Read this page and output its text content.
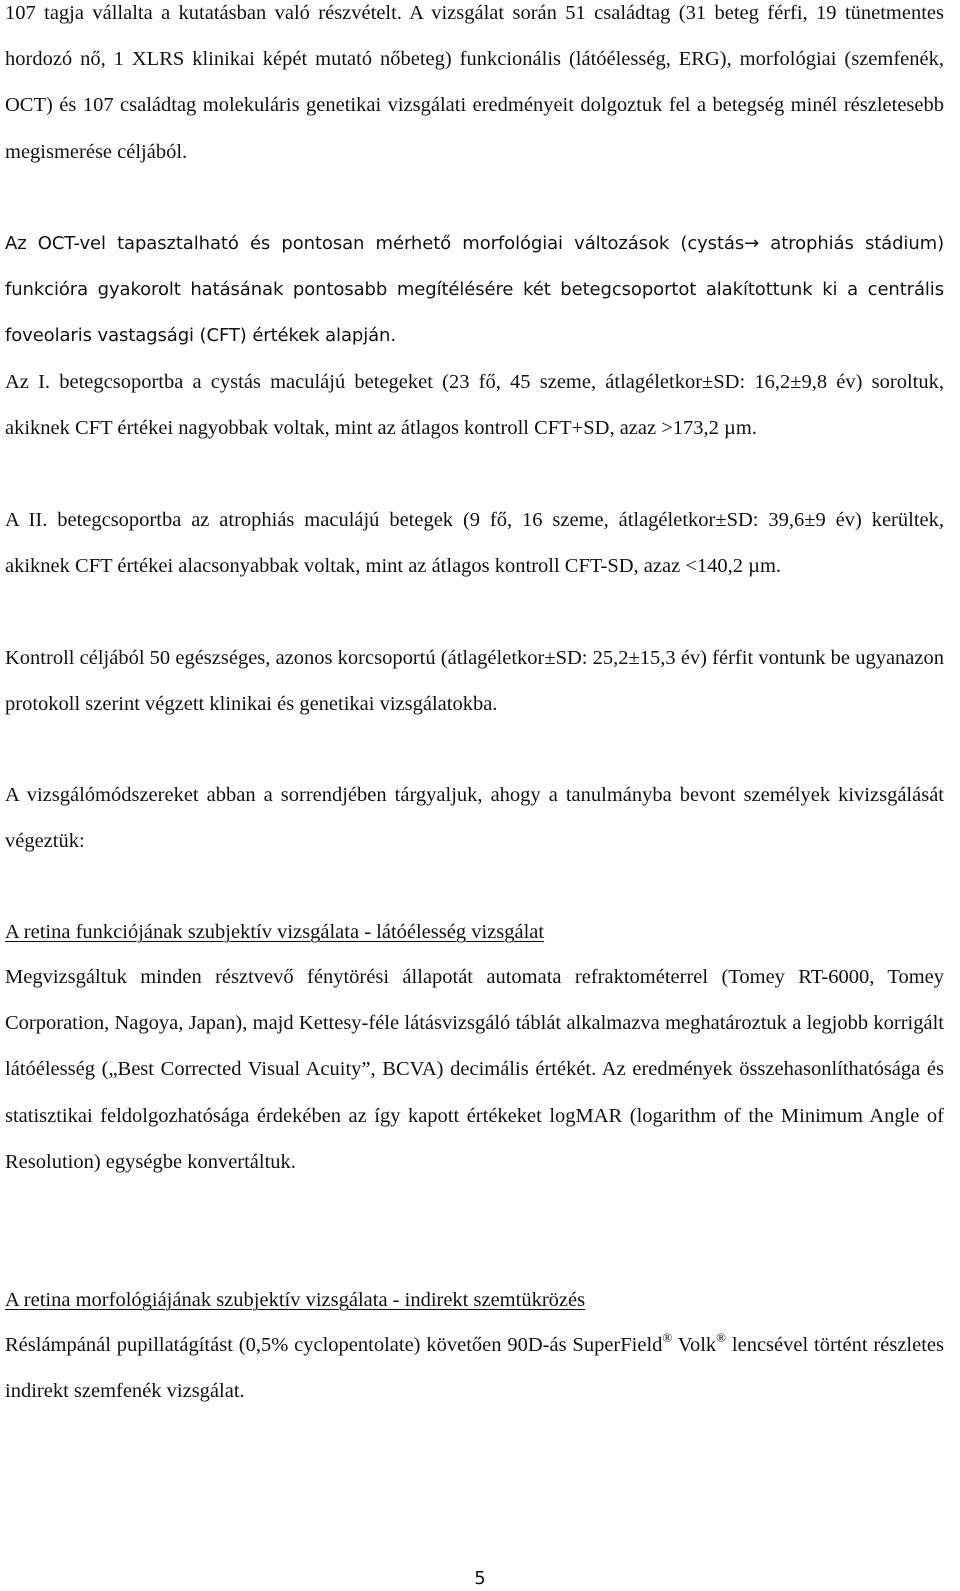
107 tagja vállalta a kutatásban való részvételt. A vizsgálat során 51 családtag (31 beteg férfi, 19 tünetmentes hordozó nő, 1 XLRS klinikai képét mutató nőbeteg) funkcionális (látóélesség, ERG), morfológiai (szemfenék, OCT) és 107 családtag molekuláris genetikai vizsgálati eredményeit dolgoztuk fel a betegség minél részletesebb megismerése céljából.

Az OCT-vel tapasztalható és pontosan mérhető morfológiai változások (cystás→ atrophiás stádium) funkcióra gyakorolt hatásának pontosabb megítélésére két betegcsoportot alakítottunk ki a centrális foveolaris vastagsági (CFT) értékek alapján.

Az I. betegcsoportba a cystás maculájú betegeket (23 fő, 45 szeme, átlagéletkor±SD: 16,2±9,8 év) soroltuk, akiknek CFT értékei nagyobbak voltak, mint az átlagos kontroll CFT+SD, azaz >173,2 µm.

A II. betegcsoportba az atrophiás maculájú betegek (9 fő, 16 szeme, átlagéletkor±SD: 39,6±9 év) kerültek, akiknek CFT értékei alacsonyabbak voltak, mint az átlagos kontroll CFT-SD, azaz <140,2 µm.

Kontroll céljából 50 egészséges, azonos korcsoportú (átlagéletkor±SD: 25,2±15,3 év) férfit vontunk be ugyanazon protokoll szerint végzett klinikai és genetikai vizsgálatokba.

A vizsgálómódszereket abban a sorrendjében tárgyaljuk, ahogy a tanulmányba bevont személyek kivizsgálását végeztük:

A retina funkciójának szubjektív vizsgálata - látóélesség vizsgálat

Megvizsgáltuk minden résztvevő fénytörési állapotát automata refraktométerrel (Tomey RT-6000, Tomey Corporation, Nagoya, Japan), majd Kettesy-féle látásvizsgáló táblát alkalmazva meghatároztuk a legjobb korrigált látóélesség („Best Corrected Visual Acuity”, BCVA) decimális értékét. Az eredmények összehasonlíthatósága és statisztikai feldolgozhatósága érdekében az így kapott értékeket logMAR (logarithm of the Minimum Angle of Resolution) egységbe konvertáltuk.

A retina morfológiájának szubjektív vizsgálata - indirekt szemtükrözés

Réslámpánál pupillatágítást (0,5% cyclopentolate) követően 90D-ás SuperField® Volk® lencsével történt részletes indirekt szemfenék vizsgálat.

5
